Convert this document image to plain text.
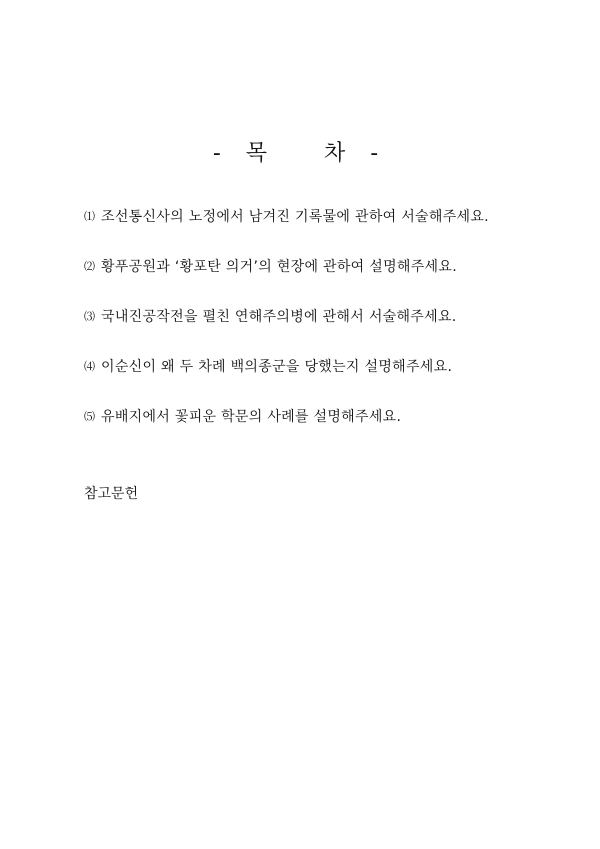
- 목   차 -
⑴ 조선통신사의 노정에서 남겨진 기록물에 관하여 서술해주세요.
⑵ 황푸공원과 ‘황포탄 의거’의 현장에 관하여 설명해주세요.
⑶ 국내진공작전을 펼친 연해주의병에 관해서 서술해주세요.
⑷ 이순신이 왜 두 차례 백의종군을 당했는지 설명해주세요.
⑸ 유배지에서 꽃피운 학문의 사례를 설명해주세요.
참고문헌
